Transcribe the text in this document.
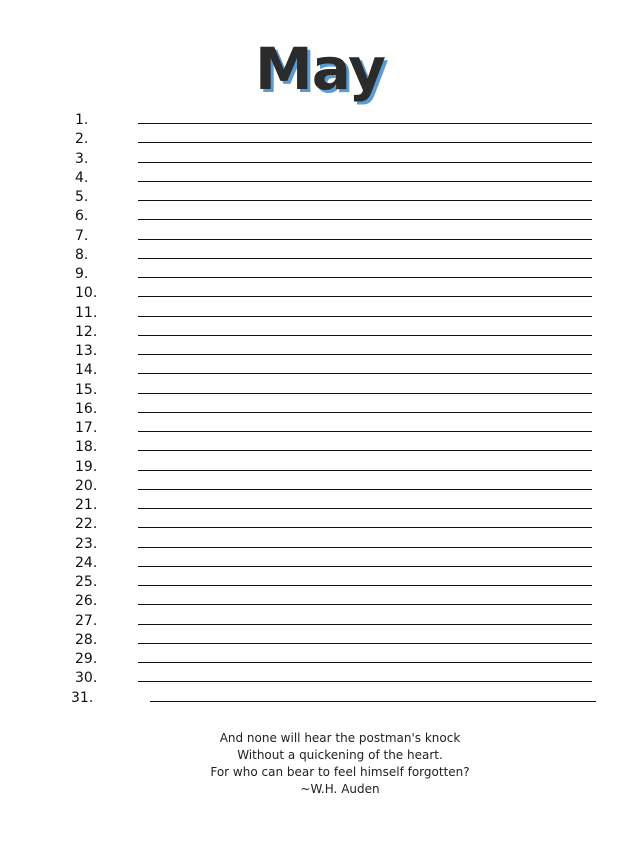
May
1.
2.
3.
4.
5.
6.
7.
8.
9.
10.
11.
12.
13.
14.
15.
16.
17.
18.
19.
20.
21.
22.
23.
24.
25.
26.
27.
28.
29.
30.
31.
And none will hear the postman's knock
Without a quickening of the heart.
For who can bear to feel himself forgotten?
~W.H. Auden
